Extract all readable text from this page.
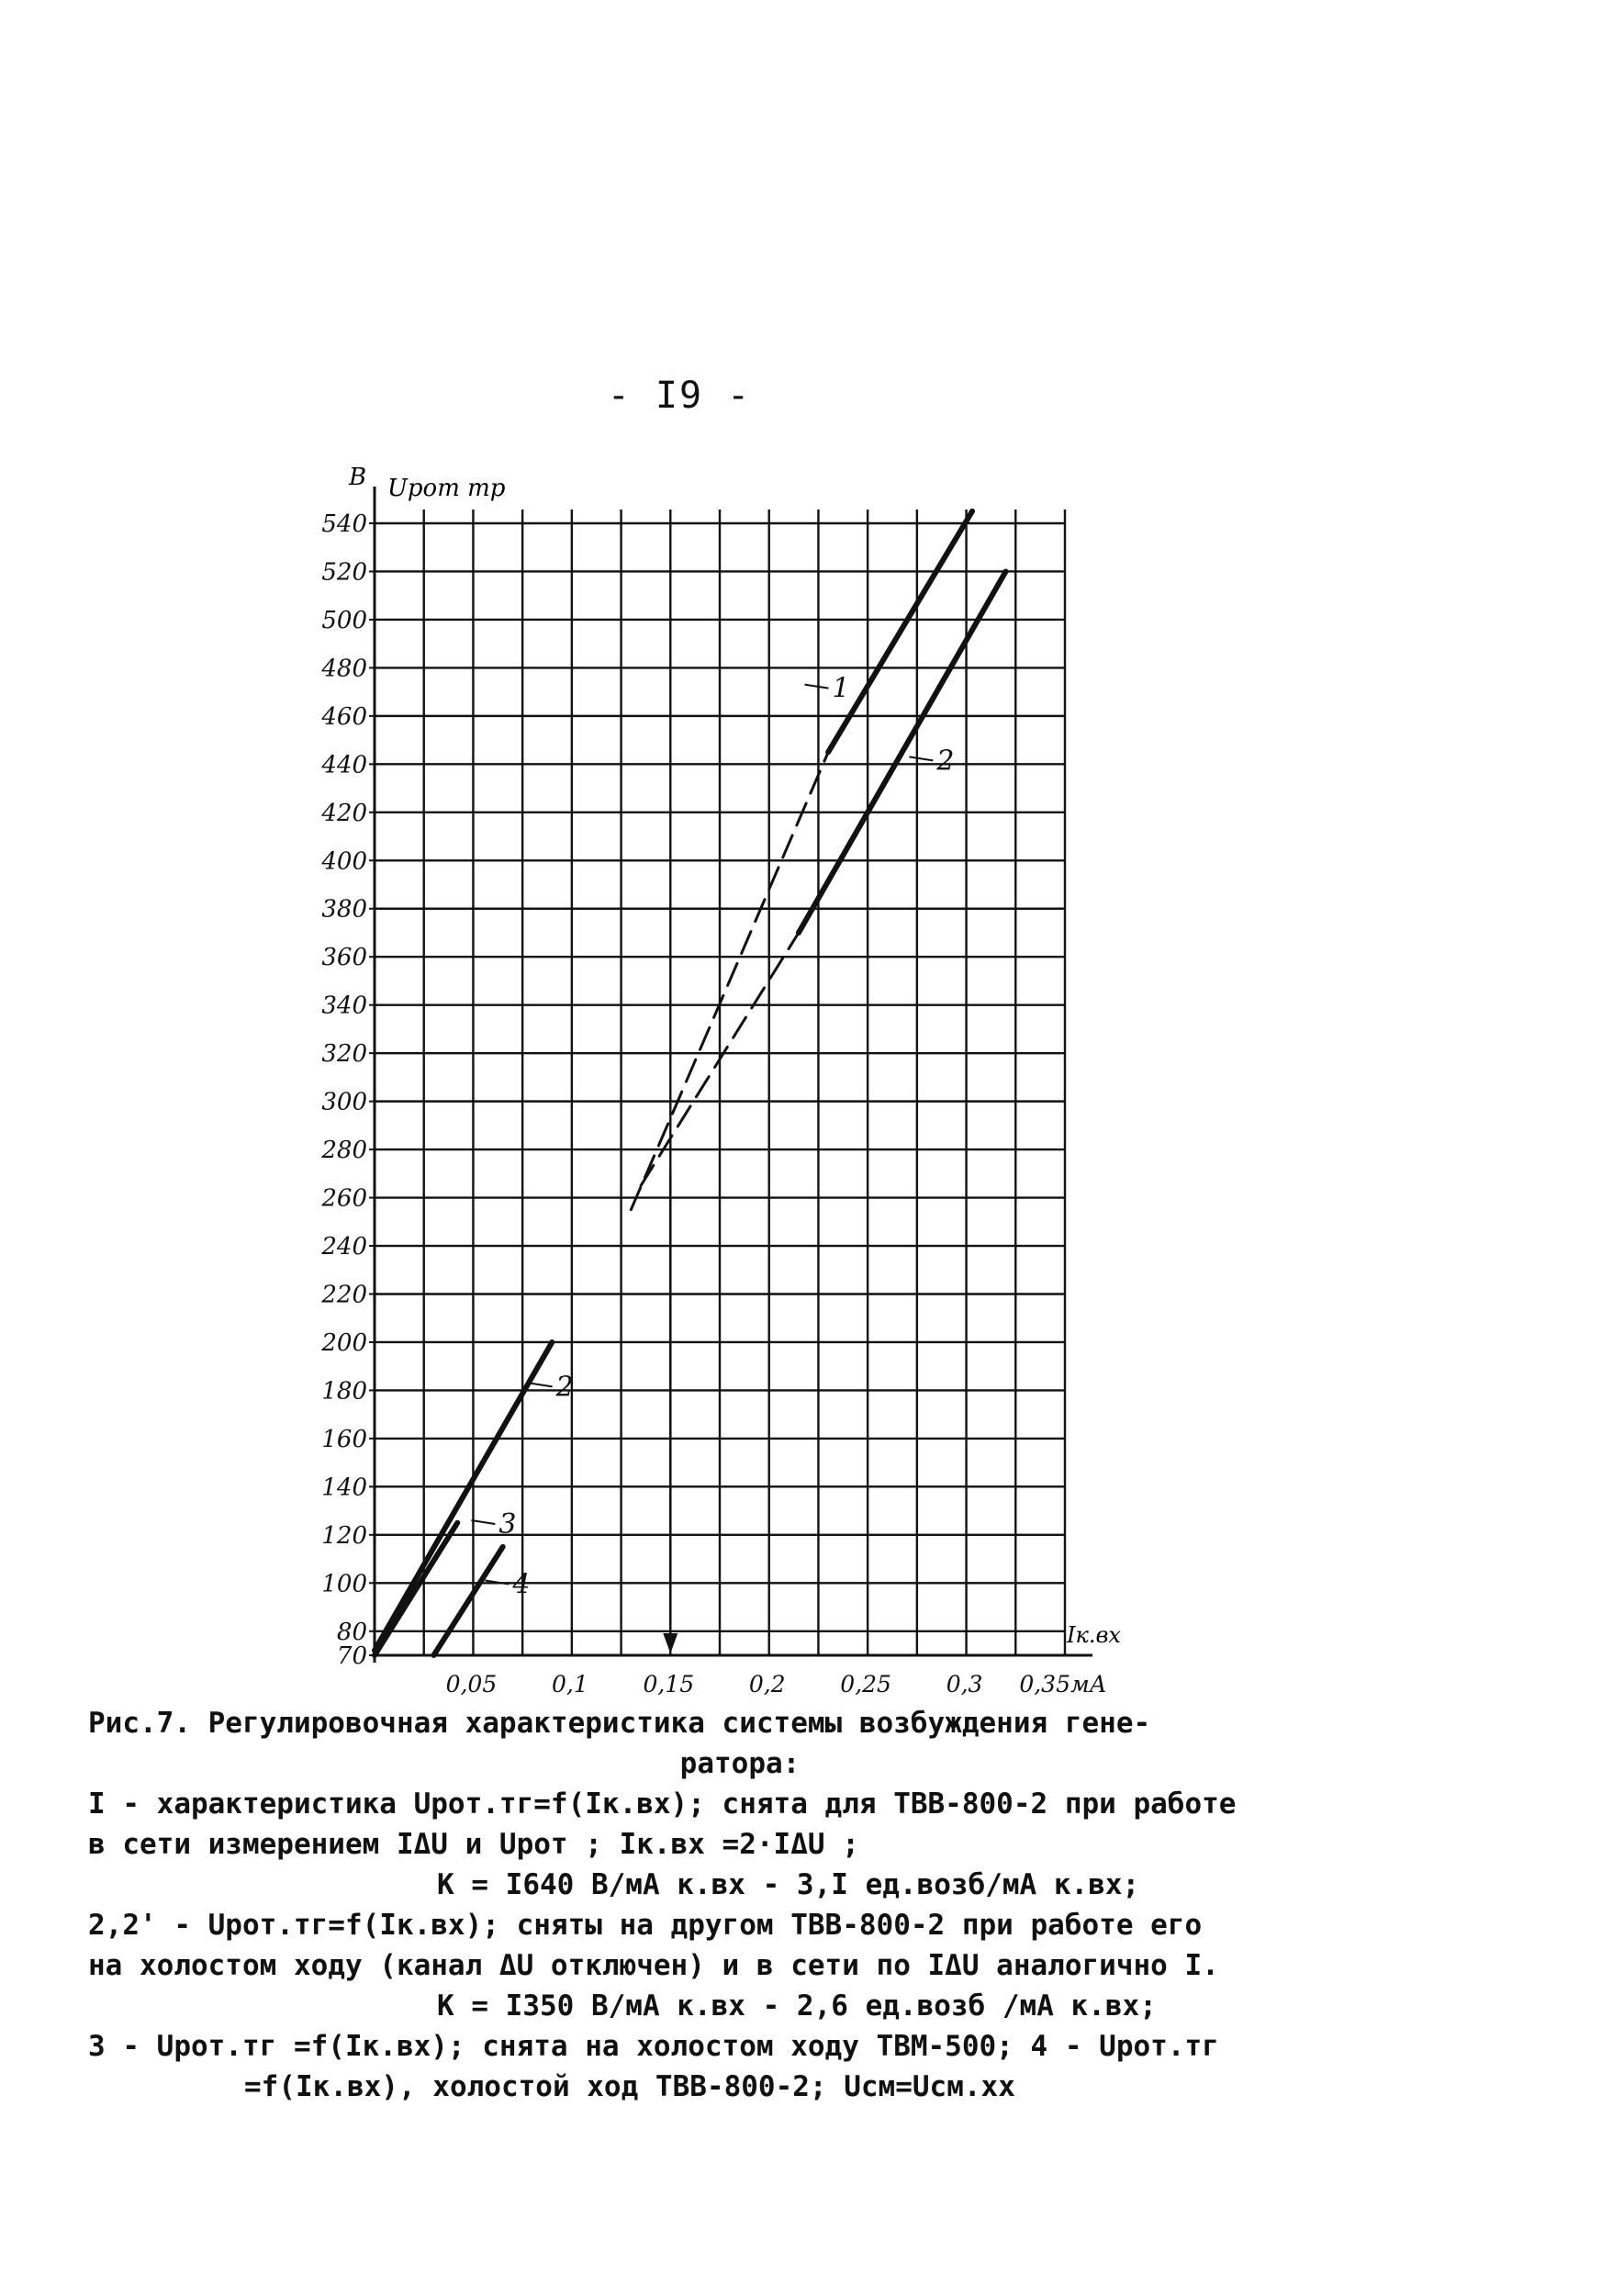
- I9 -
70
80
100
120
140
160
180
200
220
240
260
280
300
320
340
360
380
400
420
440
460
480
500
520
540
0,05 0,1 0,15 0,2 0,25 0,3 0,35мА
1
2
2
3
4
В Uрот тр
Iк.вх
Рис.7. Регулировочная характеристика системы возбуждения гене-
ратора:
I - характеристика Uрот.тг=f(Iк.вх); снята для ТВВ-800-2 при работе
в сети измерением IΔU и Uрот ; Iк.вх =2·IΔU ;
К = I640 В/мА к.вх - 3,I ед.возб/мА к.вх;
2,2' - Uрот.тг=f(Iк.вх); сняты на другом ТВВ-800-2 при работе его
на холостом ходу (канал ΔU отключен) и в сети по IΔU аналогично I.
К = I350 В/мА к.вх - 2,6 ед.возб /мА к.вх;
3 - Uрот.тг =f(Iк.вх); снята на холостом ходу ТВМ-500; 4 - Uрот.тг
=f(Iк.вх), холостой ход ТВВ-800-2; Uсм=Uсм.хх
